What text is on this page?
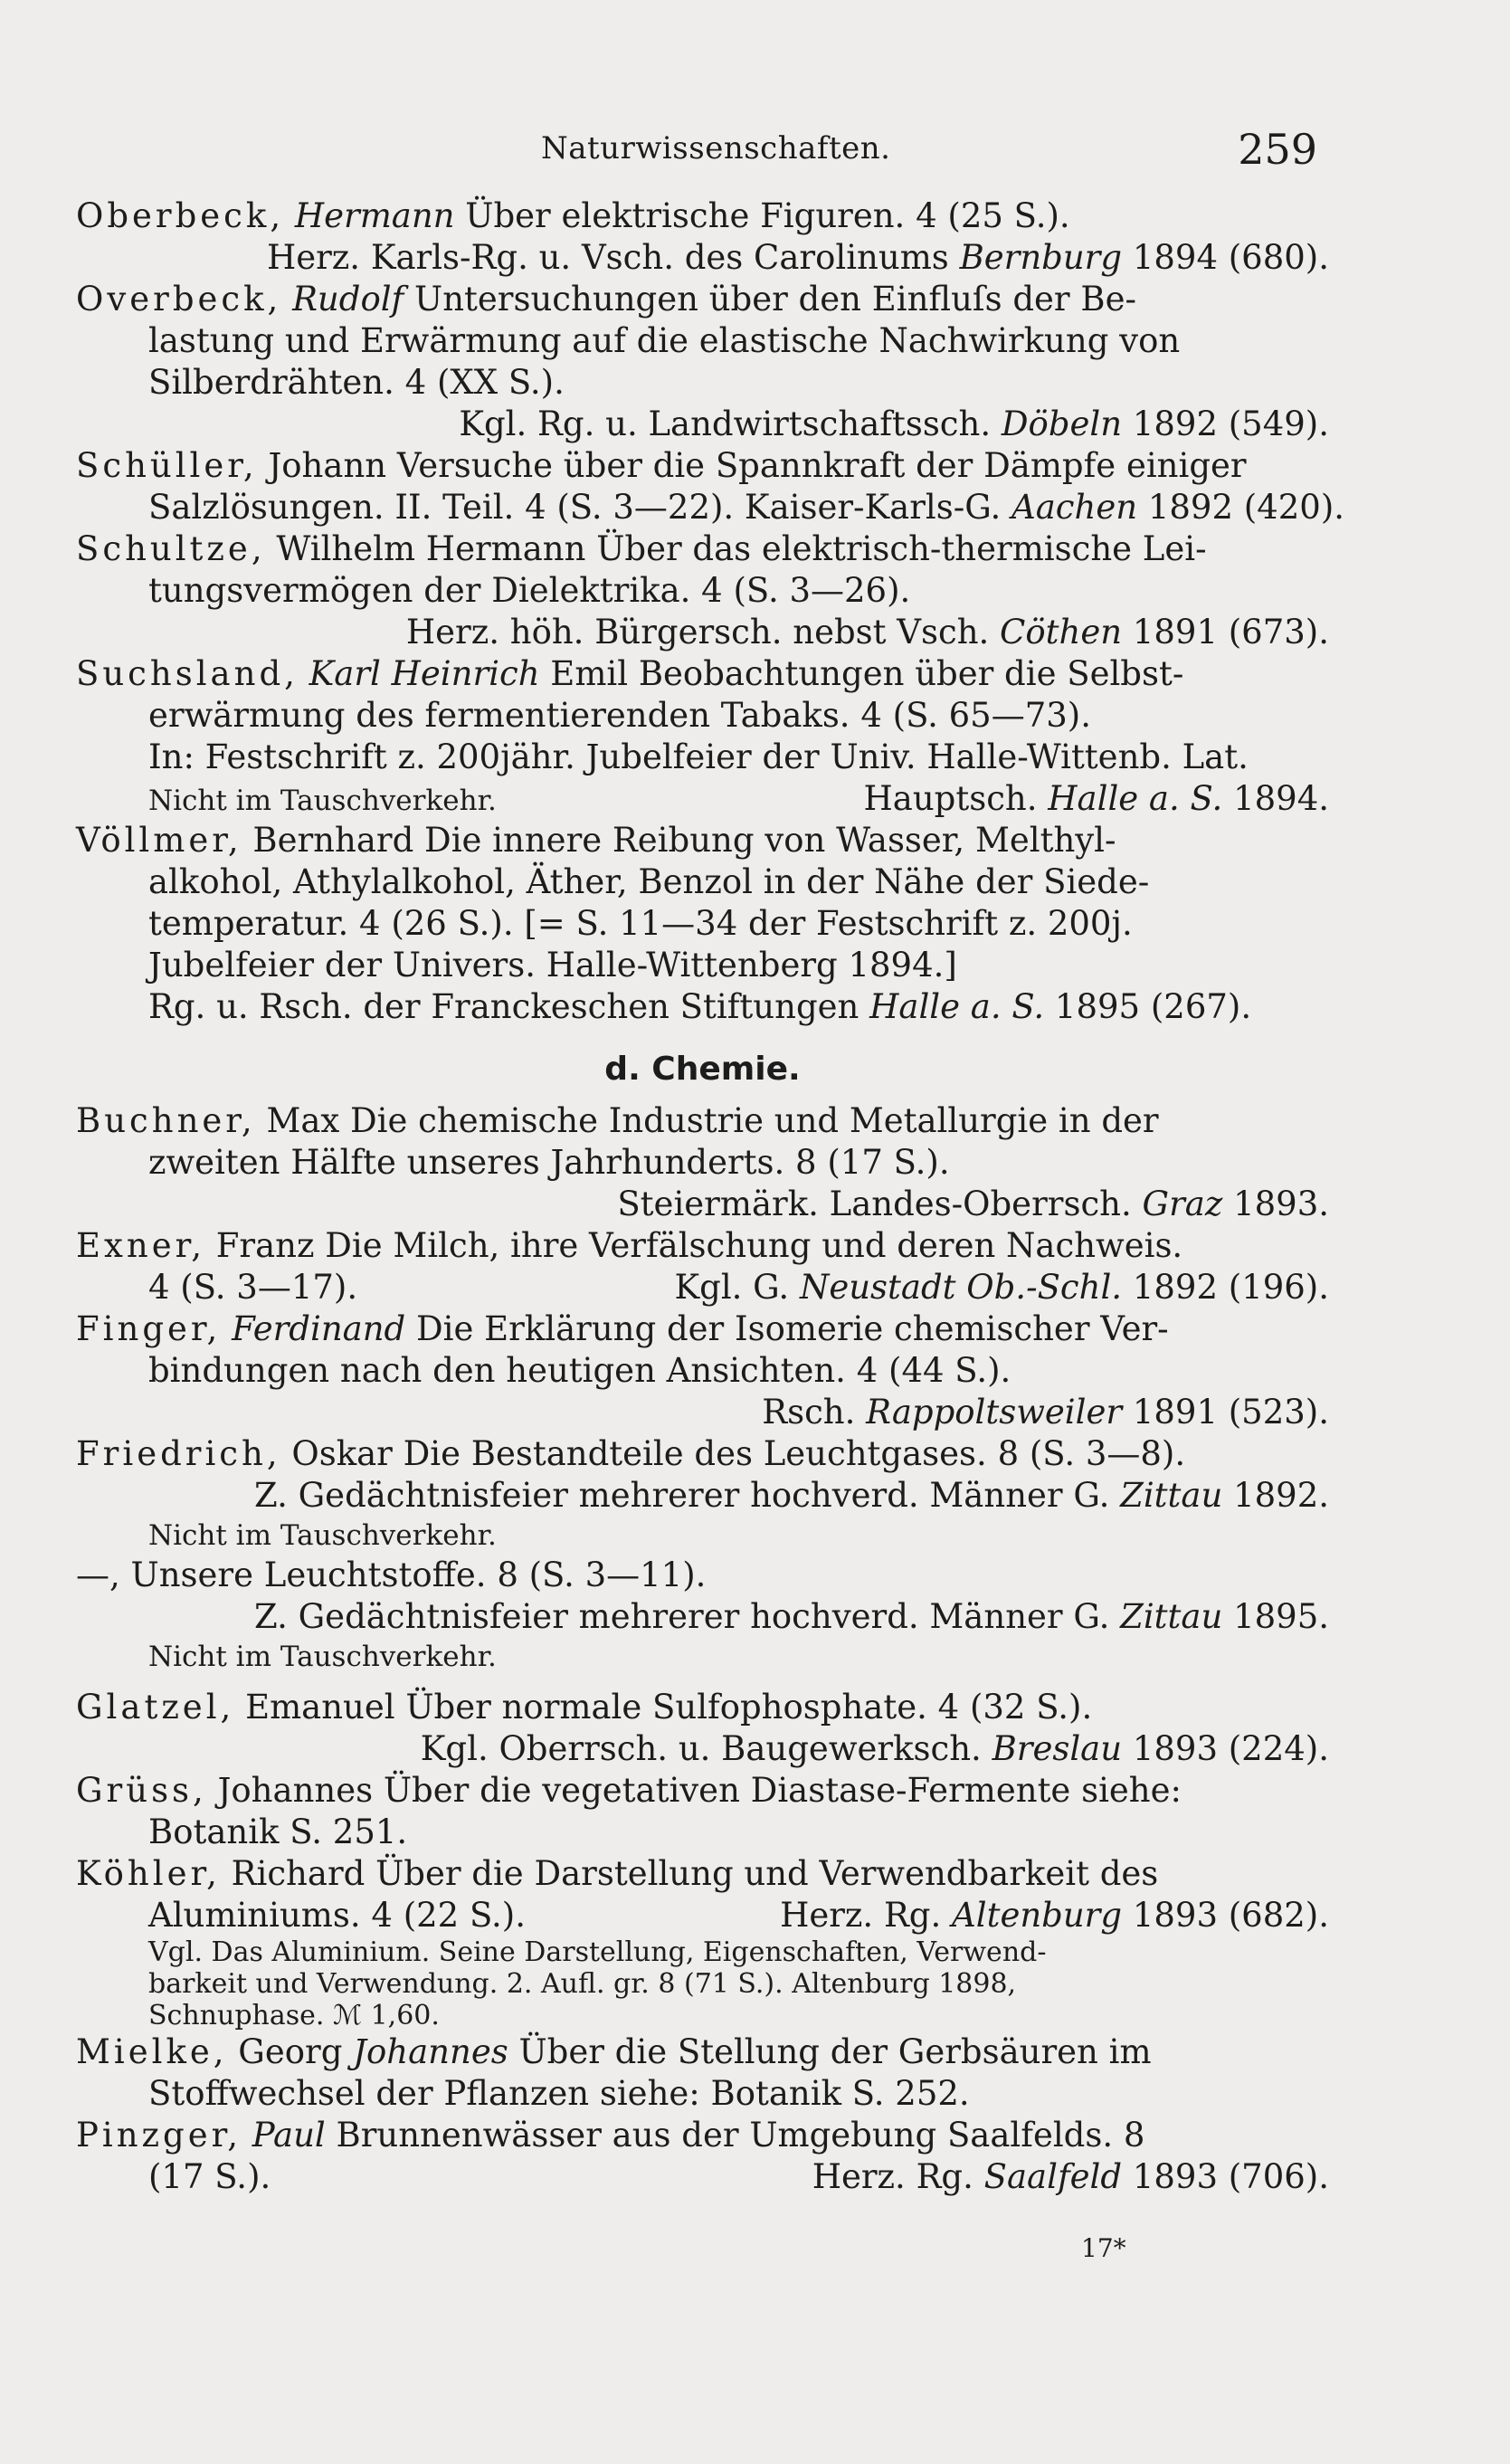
Naturwissenschaften.	259
Oberbeck, Hermann Über elektrische Figuren. 4 (25 S.).
Herz. Karls-Rg. u. Vsch. des Carolinums Bernburg 1894 (680).
Overbeck, Rudolf Untersuchungen über den Einfluſs der Be-
lastung und Erwärmung auf die elastische Nachwirkung von
Silberdrähten. 4 (XX S.).
Kgl. Rg. u. Landwirtschaftssch. Döbeln 1892 (549).
Schüller, Johann Versuche über die Spannkraft der Dämpfe einiger
Salzlösungen. II. Teil. 4 (S. 3—22). Kaiser-Karls-G. Aachen 1892 (420).
Schultze, Wilhelm Hermann Über das elektrisch-thermische Lei-
tungsvermögen der Dielektrika. 4 (S. 3—26).
Herz. höh. Bürgersch. nebst Vsch. Cöthen 1891 (673).
Suchsland, Karl Heinrich Emil Beobachtungen über die Selbst-
erwärmung des fermentierenden Tabaks. 4 (S. 65—73).
In: Festschrift z. 200jähr. Jubelfeier der Univ. Halle-Wittenb. Lat.
Nicht im Tauschverkehr.	Hauptsch. Halle a. S. 1894.
Völlmer, Bernhard Die innere Reibung von Wasser, Melthyl-
alkohol, Athylalkohol, Äther, Benzol in der Nähe der Siede-
temperatur. 4 (26 S.). [= S. 11—34 der Festschrift z. 200j.
Jubelfeier der Univers. Halle-Wittenberg 1894.]
Rg. u. Rsch. der Franckeschen Stiftungen Halle a. S. 1895 (267).
d. Chemie.
Buchner, Max Die chemische Industrie und Metallurgie in der
zweiten Hälfte unseres Jahrhunderts. 8 (17 S.).
Steiermärk. Landes-Oberrsch. Graz 1893.
Exner, Franz Die Milch, ihre Verfälschung und deren Nachweis.
4 (S. 3—17).	Kgl. G. Neustadt Ob.-Schl. 1892 (196).
Finger, Ferdinand Die Erklärung der Isomerie chemischer Ver-
bindungen nach den heutigen Ansichten. 4 (44 S.).
Rsch. Rappoltsweiler 1891 (523).
Friedrich, Oskar Die Bestandteile des Leuchtgases. 8 (S. 3—8).
Z. Gedächtnisfeier mehrerer hochverd. Männer G. Zittau 1892.
Nicht im Tauschverkehr.
—, Unsere Leuchtstoffe. 8 (S. 3—11).
Z. Gedächtnisfeier mehrerer hochverd. Männer G. Zittau 1895.
Nicht im Tauschverkehr.
Glatzel, Emanuel Über normale Sulfophosphate. 4 (32 S.).
Kgl. Oberrsch. u. Baugewerksch. Breslau 1893 (224).
Grüss, Johannes Über die vegetativen Diastase-Fermente siehe:
Botanik S. 251.
Köhler, Richard Über die Darstellung und Verwendbarkeit des
Aluminiums. 4 (22 S.).	Herz. Rg. Altenburg 1893 (682).
Vgl. Das Aluminium. Seine Darstellung, Eigenschaften, Verwend-
barkeit und Verwendung. 2. Aufl. gr. 8 (71 S.). Altenburg 1898,
Schnuphase. ℳ 1,60.
Mielke, Georg Johannes Über die Stellung der Gerbsäuren im
Stoffwechsel der Pflanzen siehe: Botanik S. 252.
Pinzger, Paul Brunnenwässer aus der Umgebung Saalfelds. 8
(17 S.).	Herz. Rg. Saalfeld 1893 (706).
17*
